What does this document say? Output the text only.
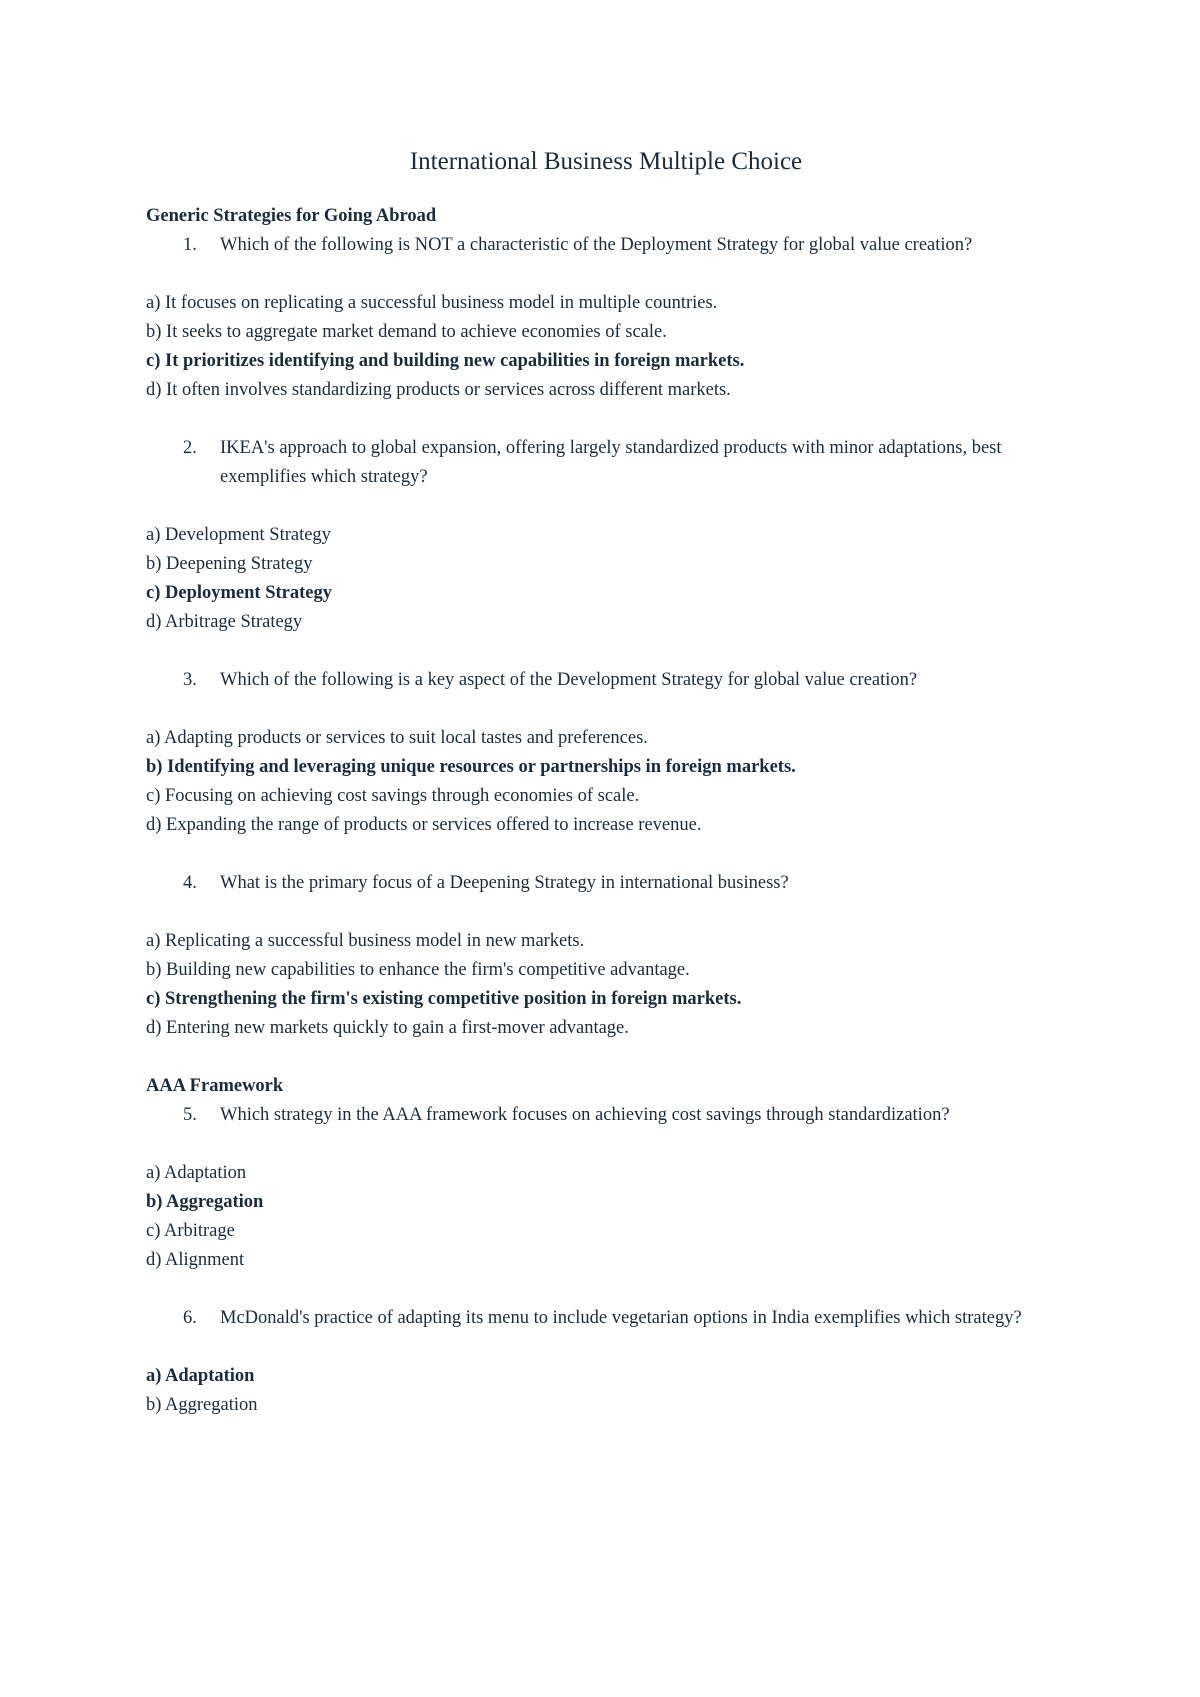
International Business Multiple Choice
Generic Strategies for Going Abroad
1.	Which of the following is NOT a characteristic of the Deployment Strategy for global value creation?
a) It focuses on replicating a successful business model in multiple countries.
b) It seeks to aggregate market demand to achieve economies of scale.
c) It prioritizes identifying and building new capabilities in foreign markets.
d) It often involves standardizing products or services across different markets.
2.	IKEA's approach to global expansion, offering largely standardized products with minor adaptations, best exemplifies which strategy?
a) Development Strategy
b) Deepening Strategy
c) Deployment Strategy
d) Arbitrage Strategy
3.	Which of the following is a key aspect of the Development Strategy for global value creation?
a) Adapting products or services to suit local tastes and preferences.
b) Identifying and leveraging unique resources or partnerships in foreign markets.
c) Focusing on achieving cost savings through economies of scale.
d) Expanding the range of products or services offered to increase revenue.
4.	What is the primary focus of a Deepening Strategy in international business?
a) Replicating a successful business model in new markets.
b) Building new capabilities to enhance the firm's competitive advantage.
c) Strengthening the firm's existing competitive position in foreign markets.
d) Entering new markets quickly to gain a first-mover advantage.
AAA Framework
5.	Which strategy in the AAA framework focuses on achieving cost savings through standardization?
a) Adaptation
b) Aggregation
c) Arbitrage
d) Alignment
6.	McDonald's practice of adapting its menu to include vegetarian options in India exemplifies which strategy?
a) Adaptation
b) Aggregation
